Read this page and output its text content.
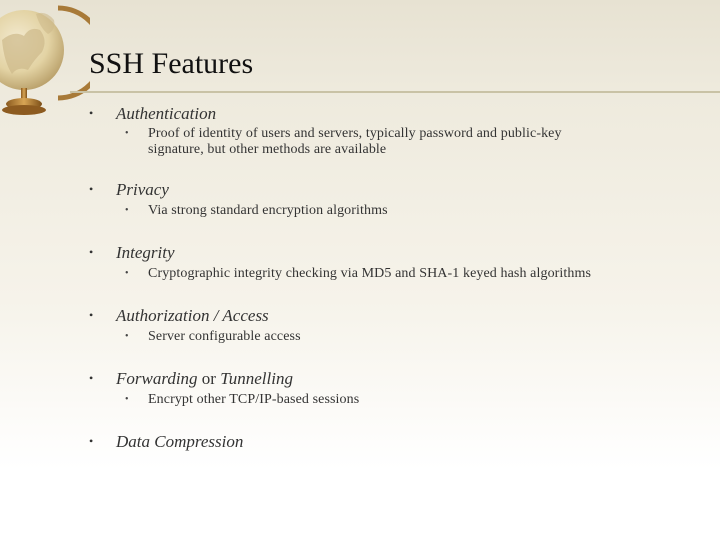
SSH Features
• Authentication
• Proof of identity of users and servers, typically password and public-key
signature, but other methods are available
• Privacy
• Via strong standard encryption algorithms
• Integrity
• Cryptographic integrity checking via MD5 and SHA-1 keyed hash algorithms
• Authorization / Access
• Server configurable access
• Forwarding or Tunnelling
• Encrypt other TCP/IP-based sessions
• Data Compression
